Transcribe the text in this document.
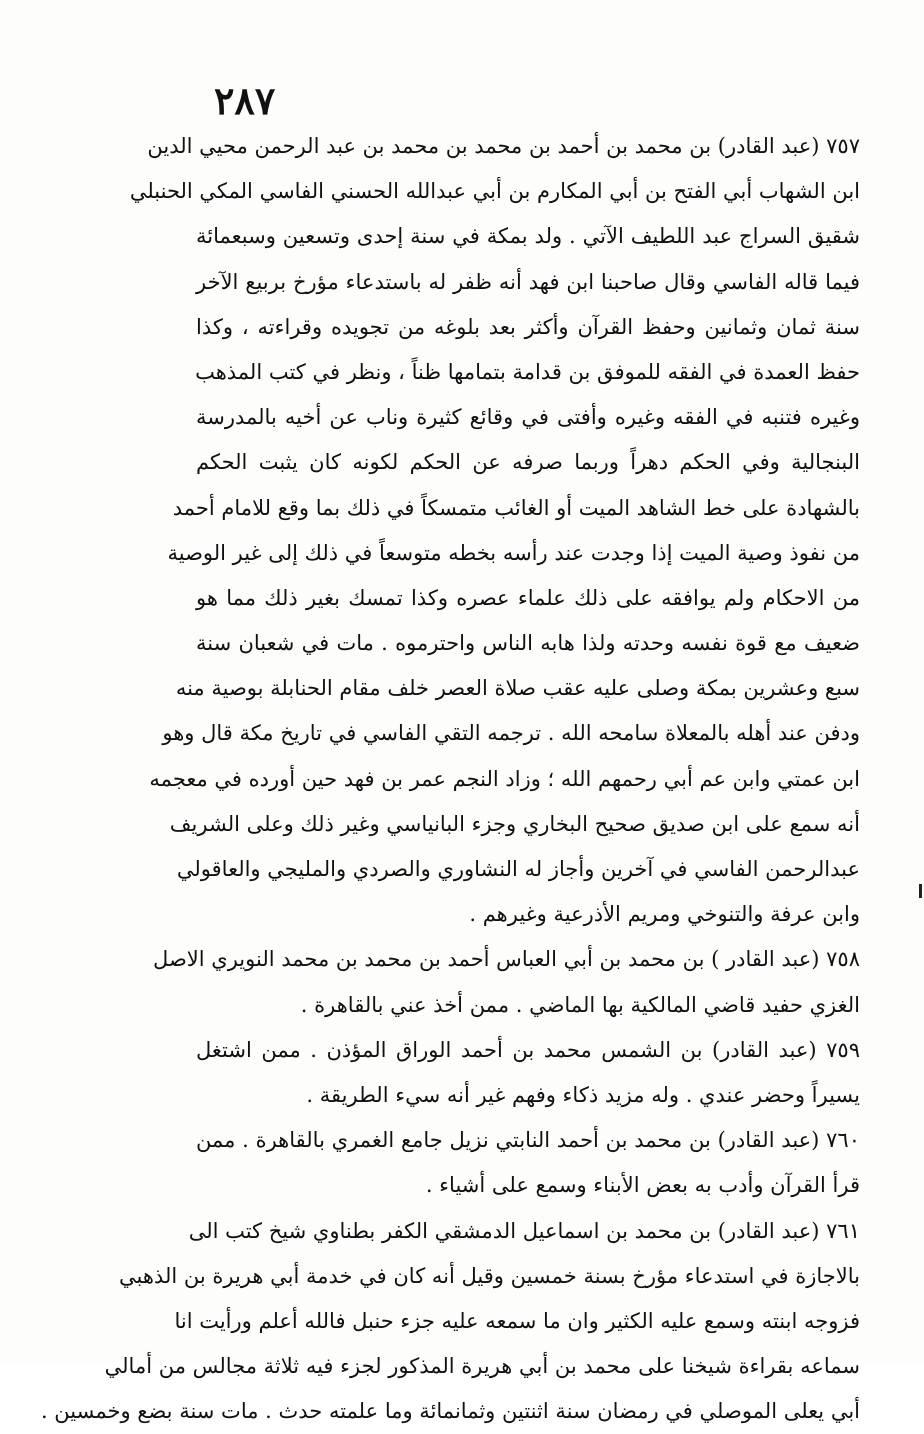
٢٨٧
٧٥٧ (عبد القادر) بن محمد بن أحمد بن محمد بن محمد بن عبد الرحمن محيي الدين
ابن الشهاب أبي الفتح بن أبي المكارم بن أبي عبدالله الحسني الفاسي المكي الحنبلي
شقيق السراج عبد اللطيف الآتي . ولد بمكة في سنة إحدى وتسعين وسبعمائة
فيما قاله الفاسي وقال صاحبنا ابن فهد أنه ظفر له باستدعاء مؤرخ بربيع الآخر
سنة ثمان وثمانين وحفظ القرآن وأكثر بعد بلوغه من تجويده وقراءته ، وكذا
حفظ العمدة في الفقه للموفق بن قدامة بتمامها ظناً ، ونظر في كتب المذهب
وغيره فتنبه في الفقه وغيره وأفتى في وقائع كثيرة وناب عن أخيه بالمدرسة
البنجالية وفي الحكم دهراً وربما صرفه عن الحكم لكونه كان يثبت الحكم
بالشهادة على خط الشاهد الميت أو الغائب متمسكاً في ذلك بما وقع للامام أحمد
من نفوذ وصية الميت إذا وجدت عند رأسه بخطه متوسعاً في ذلك إلى غير الوصية
من الاحكام ولم يوافقه على ذلك علماء عصره وكذا تمسك بغير ذلك مما هو
ضعيف مع قوة نفسه وحدته ولذا هابه الناس واحترموه . مات في شعبان سنة
سبع وعشرين بمكة وصلى عليه عقب صلاة العصر خلف مقام الحنابلة بوصية منه
ودفن عند أهله بالمعلاة سامحه الله . ترجمه التقي الفاسي في تاريخ مكة قال وهو
ابن عمتي وابن عم أبي رحمهم الله ؛ وزاد النجم عمر بن فهد حين أورده في معجمه
أنه سمع على ابن صديق صحيح البخاري وجزء البانياسي وغير ذلك وعلى الشريف
عبدالرحمن الفاسي في آخرين وأجاز له النشاوري والصردي والمليجي والعاقولي
وابن عرفة والتنوخي ومريم الأذرعية وغيرهم .
٧٥٨ (عبد القادر ) بن محمد بن أبي العباس أحمد بن محمد بن محمد النويري الاصل
الغزي حفيد قاضي المالكية بها الماضي . ممن أخذ عني بالقاهرة .
٧٥٩ (عبد القادر) بن الشمس محمد بن أحمد الوراق المؤذن . ممن اشتغل
يسيراً وحضر عندي . وله مزيد ذكاء وفهم غير أنه سيء الطريقة .
٧٦٠ (عبد القادر) بن محمد بن أحمد النابتي نزيل جامع الغمري بالقاهرة . ممن
قرأ القرآن وأدب به بعض الأبناء وسمع على أشياء .
٧٦١ (عبد القادر) بن محمد بن اسماعيل الدمشقي الكفر بطناوي شيخ كتب الى
بالاجازة في استدعاء مؤرخ بسنة خمسين وقيل أنه كان في خدمة أبي هريرة بن الذهبي
فزوجه ابنته وسمع عليه الكثير وان ما سمعه عليه جزء حنبل فالله أعلم ورأيت انا
سماعه بقراءة شيخنا على محمد بن أبي هريرة المذكور لجزء فيه ثلاثة مجالس من أمالي
أبي يعلى الموصلي في رمضان سنة اثنتين وثمانمائة وما علمته حدث . مات سنة بضع وخمسين .
